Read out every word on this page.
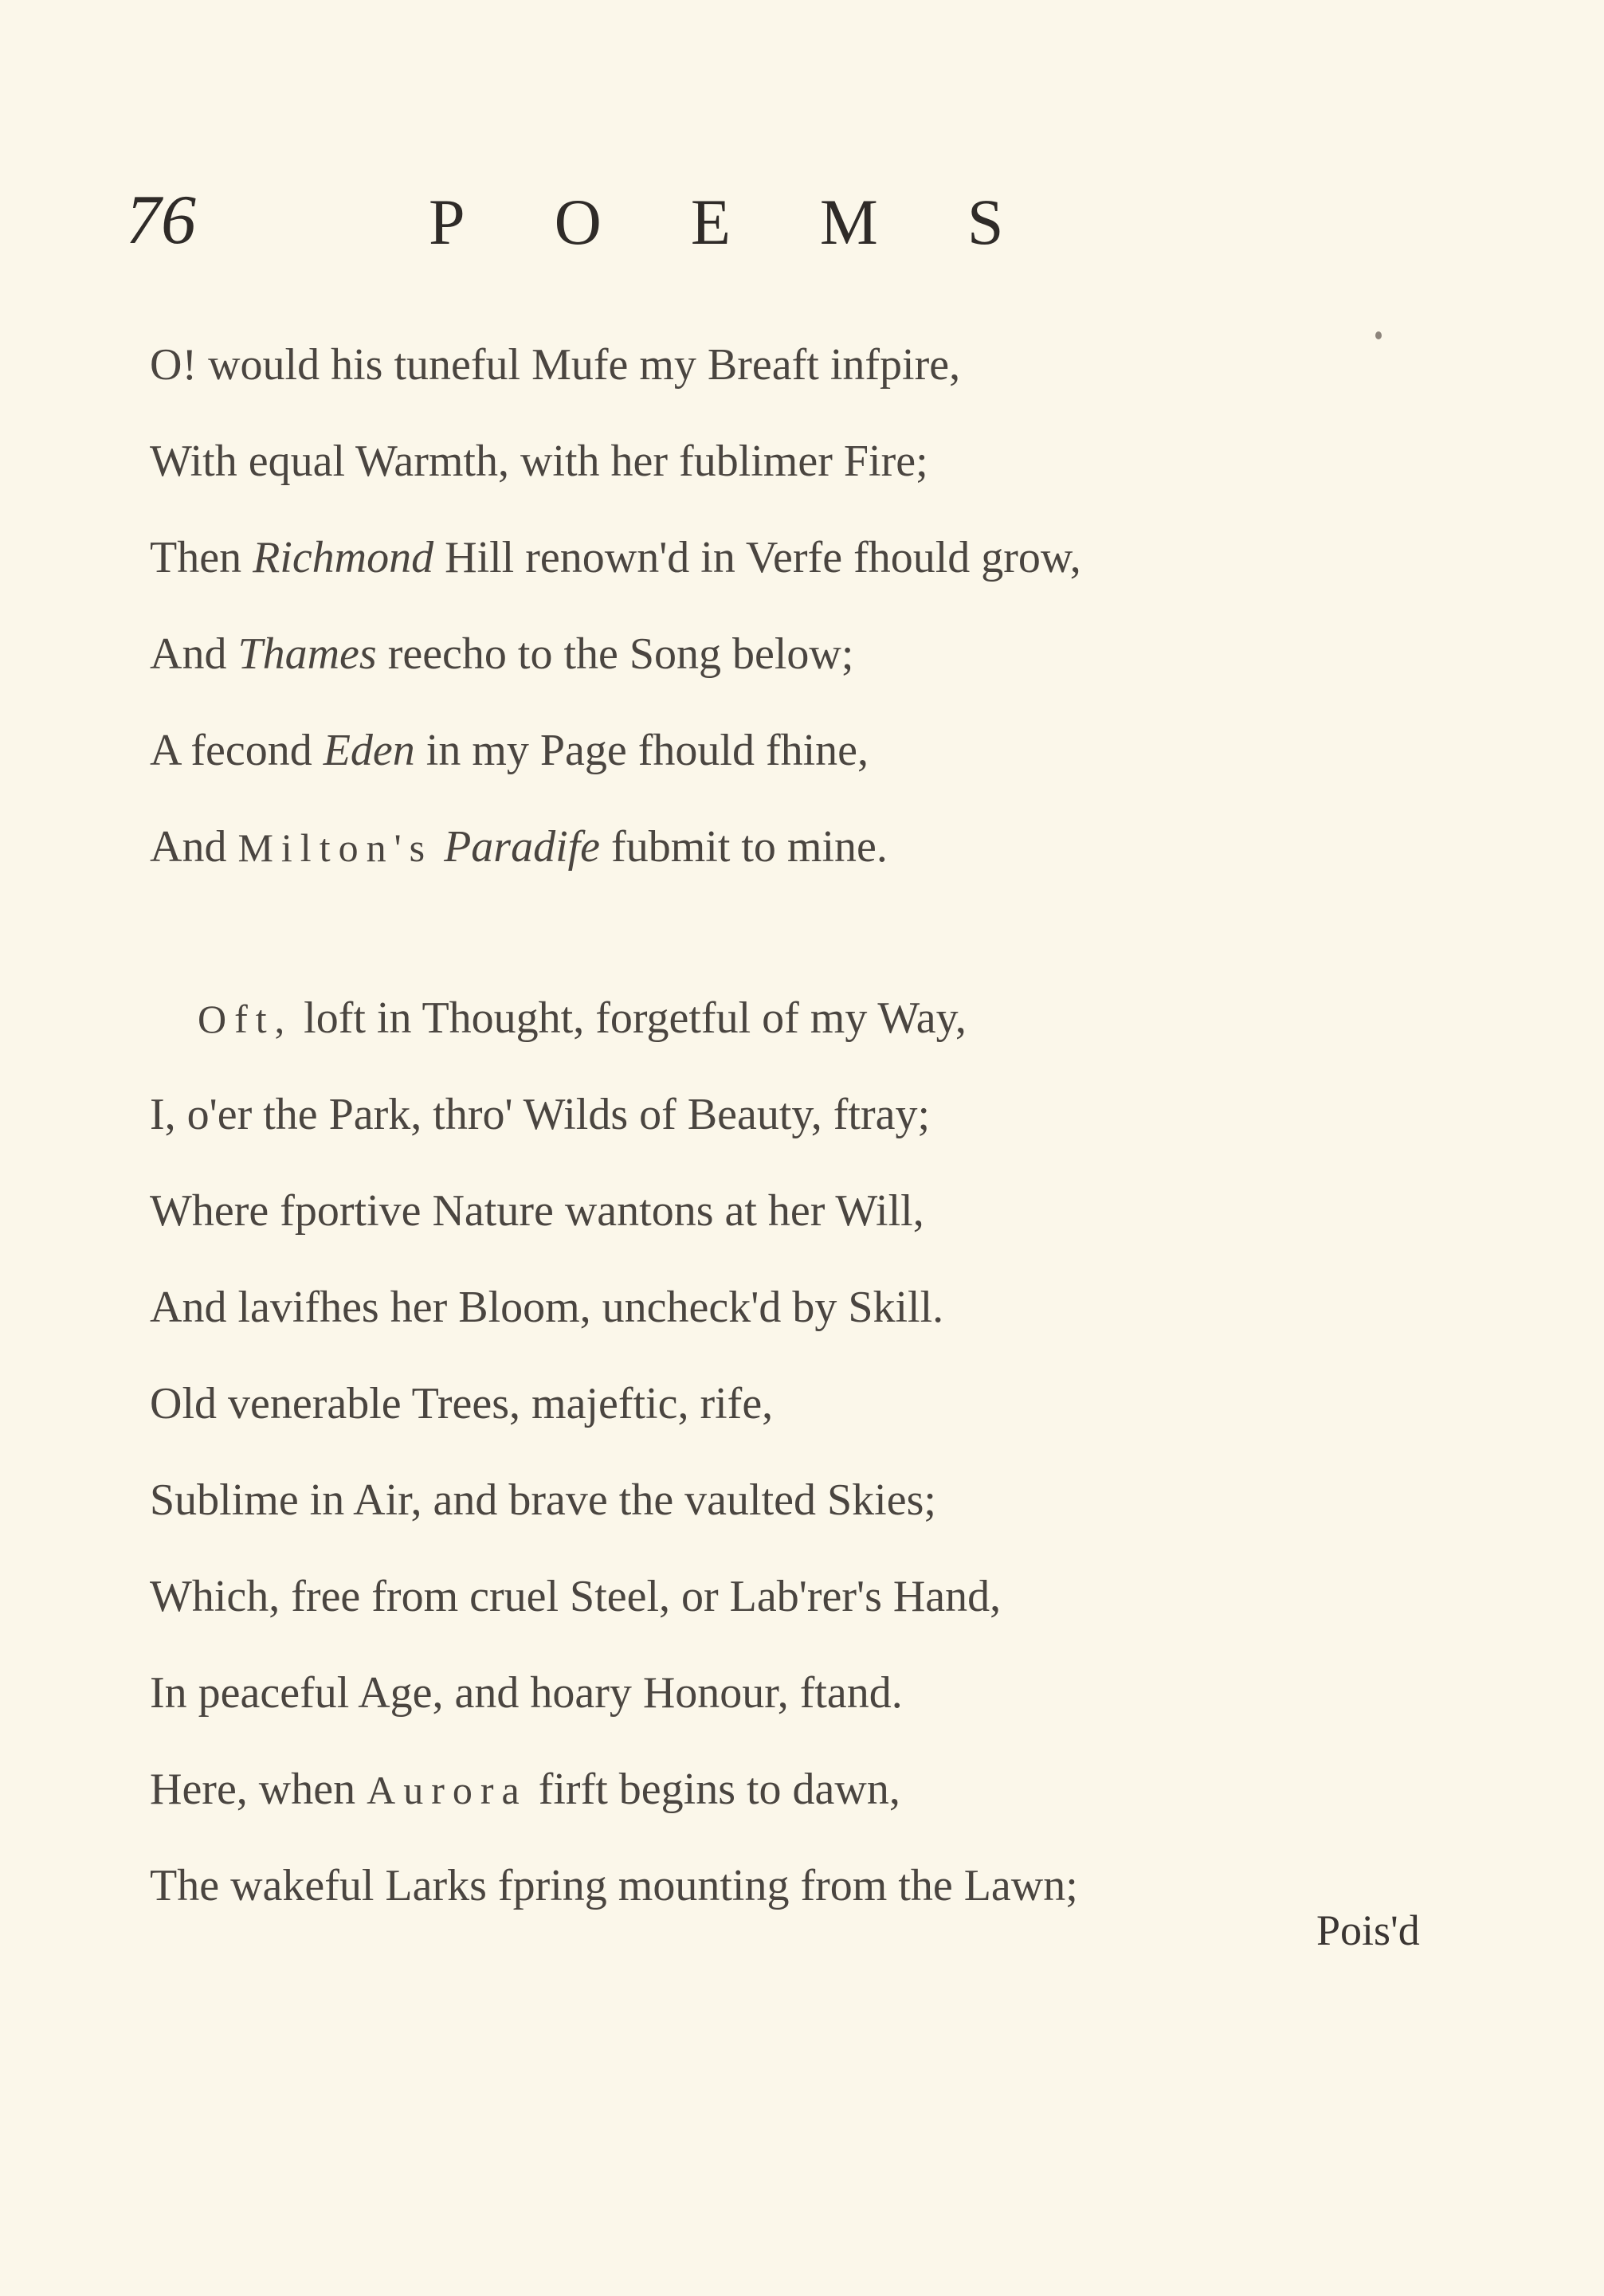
76	POEMS
O! would his tuneful Mufe my Breaft infpire,
With equal Warmth, with her fublimer Fire;
Then Richmond Hill renown'd in Verfe fhould grow,
And Thames reecho to the Song below;
A fecond Eden in my Page fhould fhine,
And Milton's Paradife fubmit to mine.
Oft, loft in Thought, forgetful of my Way,
I, o'er the Park, thro' Wilds of Beauty, ftray;
Where fportive Nature wantons at her Will,
And lavifhes her Bloom, uncheck'd by Skill.
Old venerable Trees, majeftic, rife,
Sublime in Air, and brave the vaulted Skies;
Which, free from cruel Steel, or Lab'rer's Hand,
In peaceful Age, and hoary Honour, ftand.
Here, when Aurora firft begins to dawn,
The wakeful Larks fpring mounting from the Lawn;
Pois'd
